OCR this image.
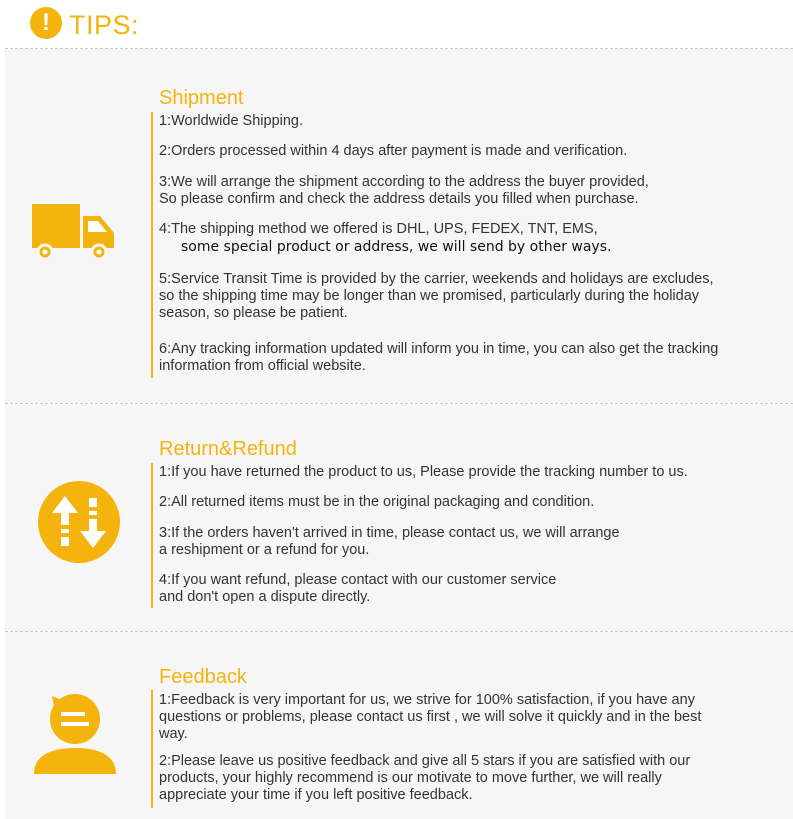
! TIPS:
Shipment
1:Worldwide Shipping.
2:Orders processed within 4 days after payment is made and verification.
3:We will arrange the shipment according to the address the buyer provided,
So please confirm and check the address details you filled when purchase.
4:The shipping method we offered is DHL, UPS, FEDEX, TNT, EMS,
some special product or address, we will send by other ways.
5:Service Transit Time is provided by the carrier, weekends and holidays are excludes,
so the shipping time may be longer than we promised, particularly during the holiday
season, so please be patient.
6:Any tracking information updated will inform you in time, you can also get the tracking
information from official website.
Return&Refund
1:If you have returned the product to us, Please provide the tracking number to us.
2:All returned items must be in the original packaging and condition.
3:If the orders haven't arrived in time, please contact us, we will arrange
a reshipment or a refund for you.
4:If you want refund, please contact with our customer service
and don't open a dispute directly.
Feedback
1:Feedback is very important for us, we strive for 100% satisfaction, if you have any
questions or problems, please contact us first , we will solve it quickly and in the best
way.
2:Please leave us positive feedback and give all 5 stars if you are satisfied with our
products, your highly recommend is our motivate to move further, we will really
appreciate your time if you left positive feedback.
